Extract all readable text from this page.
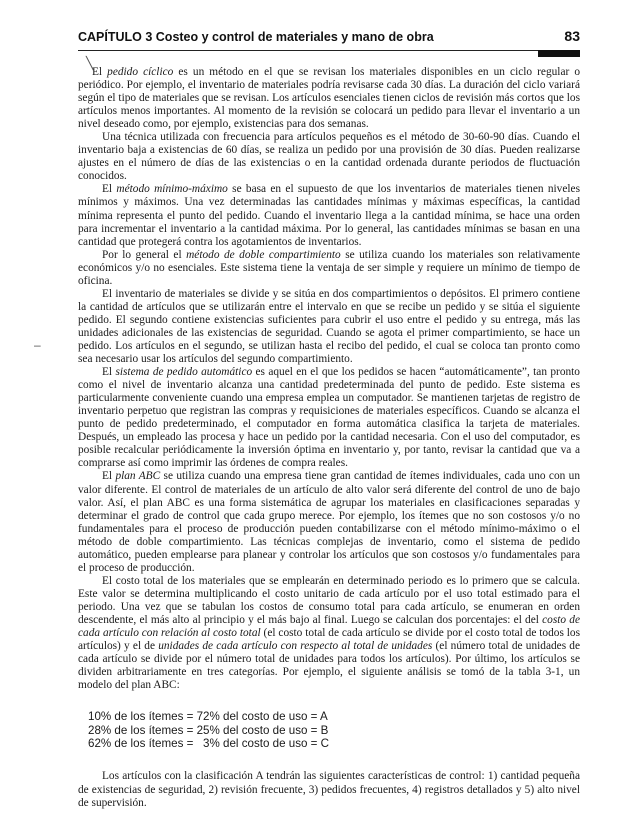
CAPÍTULO 3 Costeo y control de materiales y mano de obra	83

El pedido cíclico es un método en el que se revisan los materiales disponibles en un ciclo regular o periódico. Por ejemplo, el inventario de materiales podría revisarse cada 30 días. La duración del ciclo variará según el tipo de materiales que se revisan. Los artículos esenciales tienen ciclos de revisión más cortos que los artículos menos importantes. Al momento de la revisión se colocará un pedido para llevar el inventario a un nivel deseado como, por ejemplo, existencias para dos semanas.

Una técnica utilizada con frecuencia para artículos pequeños es el método de 30-60-90 días. Cuando el inventario baja a existencias de 60 días, se realiza un pedido por una provisión de 30 días. Pueden realizarse ajustes en el número de días de las existencias o en la cantidad ordenada durante periodos de fluctuación conocidos.

El método mínimo-máximo se basa en el supuesto de que los inventarios de materiales tienen niveles mínimos y máximos. Una vez determinadas las cantidades mínimas y máximas específicas, la cantidad mínima representa el punto del pedido. Cuando el inventario llega a la cantidad mínima, se hace una orden para incrementar el inventario a la cantidad máxima. Por lo general, las cantidades mínimas se basan en una cantidad que protegerá contra los agotamientos de inventarios.

Por lo general el método de doble compartimiento se utiliza cuando los materiales son relativamente económicos y/o no esenciales. Este sistema tiene la ventaja de ser simple y requiere un mínimo de tiempo de oficina.

El inventario de materiales se divide y se sitúa en dos compartimientos o depósitos. El primero contiene la cantidad de artículos que se utilizarán entre el intervalo en que se recibe un pedido y se sitúa el siguiente pedido. El segundo contiene existencias suficientes para cubrir el uso entre el pedido y su entrega, más las unidades adicionales de las existencias de seguridad. Cuando se agota el primer compartimiento, se hace un pedido. Los artículos en el segundo, se utilizan hasta el recibo del pedido, el cual se coloca tan pronto como sea necesario usar los artículos del segundo compartimiento.

El sistema de pedido automático es aquel en el que los pedidos se hacen “automáticamente”, tan pronto como el nivel de inventario alcanza una cantidad predeterminada del punto de pedido. Este sistema es particularmente conveniente cuando una empresa emplea un computador. Se mantienen tarjetas de registro de inventario perpetuo que registran las compras y requisiciones de materiales específicos. Cuando se alcanza el punto de pedido predeterminado, el computador en forma automática clasifica la tarjeta de materiales. Después, un empleado las procesa y hace un pedido por la cantidad necesaria. Con el uso del computador, es posible recalcular periódicamente la inversión óptima en inventario y, por tanto, revisar la cantidad que va a comprarse así como imprimir las órdenes de compra reales.

El plan ABC se utiliza cuando una empresa tiene gran cantidad de ítemes individuales, cada uno con un valor diferente. El control de materiales de un artículo de alto valor será diferente del control de uno de bajo valor. Así, el plan ABC es una forma sistemática de agrupar los materiales en clasificaciones separadas y determinar el grado de control que cada grupo merece. Por ejemplo, los ítemes que no son costosos y/o no fundamentales para el proceso de producción pueden contabilizarse con el método mínimo-máximo o el método de doble compartimiento. Las técnicas complejas de inventario, como el sistema de pedido automático, pueden emplearse para planear y controlar los artículos que son costosos y/o fundamentales para el proceso de producción.

El costo total de los materiales que se emplearán en determinado periodo es lo primero que se calcula. Este valor se determina multiplicando el costo unitario de cada artículo por el uso total estimado para el periodo. Una vez que se tabulan los costos de consumo total para cada artículo, se enumeran en orden descendente, el más alto al principio y el más bajo al final. Luego se calculan dos porcentajes: el del costo de cada artículo con relación al costo total (el costo total de cada artículo se divide por el costo total de todos los artículos) y el de unidades de cada artículo con respecto al total de unidades (el número total de unidades de cada artículo se divide por el número total de unidades para todos los artículos). Por último, los artículos se dividen arbitrariamente en tres categorías. Por ejemplo, el siguiente análisis se tomó de la tabla 3-1, un modelo del plan ABC:

10% de los ítemes = 72% del costo de uso = A
28% de los ítemes = 25% del costo de uso = B
62% de los ítemes =   3% del costo de uso = C

Los artículos con la clasificación A tendrán las siguientes características de control: 1) cantidad pequeña de existencias de seguridad, 2) revisión frecuente, 3) pedidos frecuentes, 4) registros detallados y 5) alto nivel de supervisión.

╲
–
